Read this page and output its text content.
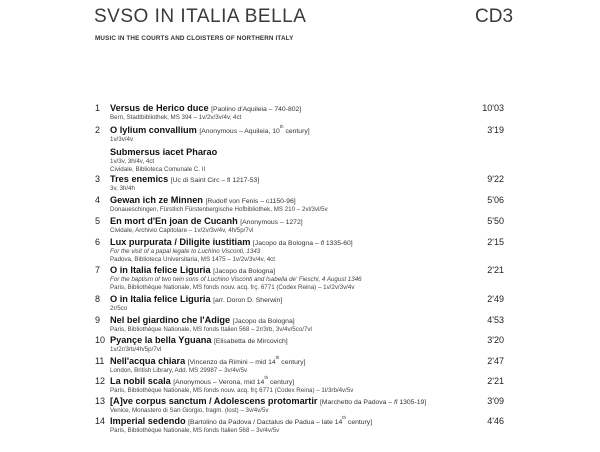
SVSO IN ITALIA BELLA
MUSIC IN THE COURTS AND CLOISTERS OF NORTHERN ITALY
CD3
1 Versus de Herico duce [Paolino d'Aquileia – 740-802]	10'03
Bern, Stadtbibliothek, MS 394 – 1v/2v/3v/4v, 4ct
2 O lylium convallium [Anonymous – Aquileia, 10th century]	3'19
1v/3v/4v
Submersus iacet Pharao
1v/3v, 3h/4v, 4ct
Cividale, Biblioteca Comunale C. II
3 Tres enemics [Uc di Saint Circ – fl 1217-53]	9'22
3v, 3h/4h
4 Gewan ich ze Minnen [Rudolf von Fenis – c1150-96]	5'06
Donaueschingen, Fürstlich Fürstenbergische Hofbibliothek, MS 210 – 2vl/3vl/5v
5 En mort d'En joan de Cucanh [Anonymous – 1272]	5'50
Cividale, Archivio Capitolare – 1v/2v/3v/4v, 4h/5p/7vl
6 Lux purpurata / Diligite iustitiam [Jacopo da Bologna – fl 1335-60]	2'15
For the visit of a papal legate to Luchino Visconti, 1343
Padova, Biblioteca Universitaria, MS 1475 – 1v/2v/3v/4v, 4ct
7 O in Italia felice Liguria [Jacopo da Bologna]	2'21
For the baptism of two twin sons of Luchino Visconti and Isabella de' Fieschi, 4 August 1346
Paris, Bibliothèque Nationale, MS fonds nouv. acq. frç. 6771 (Codex Reina) – 1v/2v/3v/4v
8 O in Italia felice Liguria [arr. Doron D. Sherwin]	2'49
2r/5co
9 Nel bel giardino che l'Adige [Jacopo da Bologna]	4'53
Paris, Bibliothèque Nationale, MS fonds Italien 568 – 2r/3rb, 3v/4v/5co/7vl
10 Pyançe la bella Yguana [Elisabetta de Mircovich]	3'20
1v/2r/3rb/4h/5p/7vl
11 Nell'acqua chiara [Vincenzo da Rimini – mid 14th century]	2'47
London, British Library, Add. MS 29987 – 3v/4v/5v
12 La nobil scala [Anonymous – Verona, mid 14th century]	2'21
Paris, Bibliothèque Nationale, MS fonds nouv. acq. frç 6771 (Codex Reina) – 1l/3rb/4v/5v
13 [A]ve corpus sanctum / Adolescens protomartir [Marchetto da Padova – fl 1305-19]	3'09
Venice, Monastero di San Giorgio, fragm. (lost) – 3v/4v/5v
14 Imperial sedendo [Bartolino da Padova / Dactalus de Padua – late 14th century]	4'46
Paris, Bibliothèque Nationale, MS fonds Italien 568 – 3v/4v/5v
